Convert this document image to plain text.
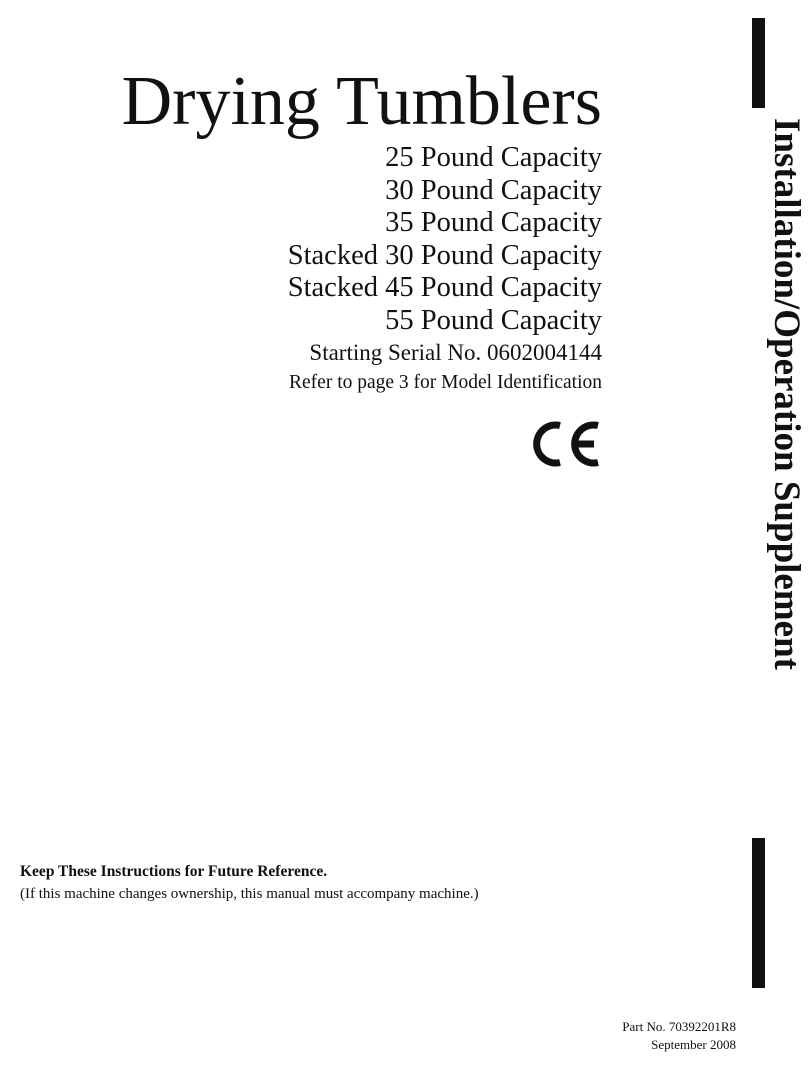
Drying Tumblers
25 Pound Capacity
30 Pound Capacity
35 Pound Capacity
Stacked 30 Pound Capacity
Stacked 45 Pound Capacity
55 Pound Capacity
Starting Serial No. 0602004144
Refer to page 3 for Model Identification	Installation/Operation Supplement
Keep These Instructions for Future Reference.
(If this machine changes ownership, this manual must accompany machine.)
Part No. 70392201R8
September 2008
